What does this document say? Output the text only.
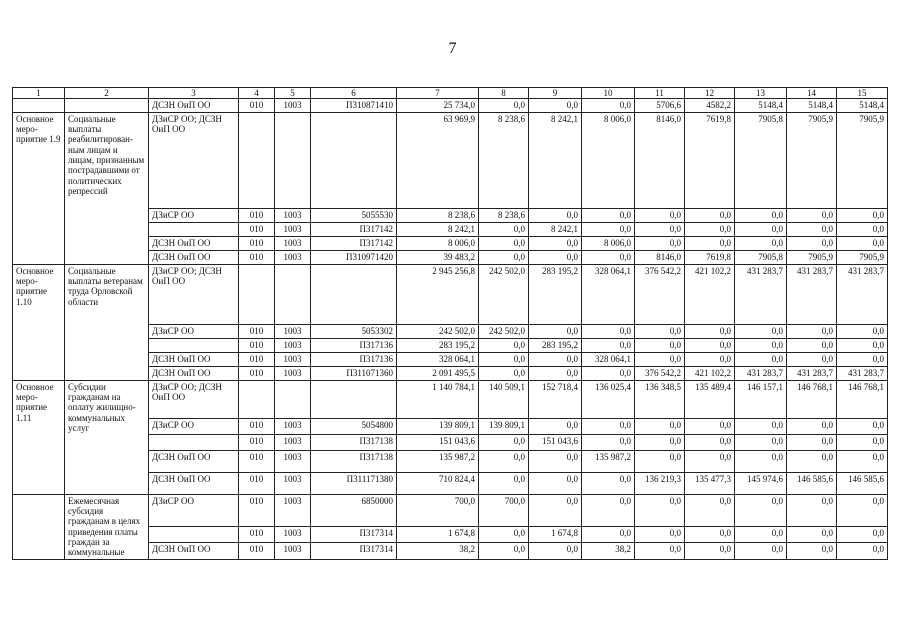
7
1	2	3	4	5	6	7	8	9	10	11	12	13	14	15
		ДСЗН ОиП ОО	010	1003	П310871410	25 734,0	0,0	0,0	0,0	5706,6	4582,2	5148,4	5148,4	5148,4
Основное меро-приятие 1.9	Социальные выплаты реабилитирован-ным лицам и лицам, признанным пострадавшими от политических репрессий	ДЗиСР ОО; ДСЗН ОиП ОО				63 969,9	8 238,6	8 242,1	8 006,0	8146,0	7619,8	7905,8	7905,9	7905,9
		ДЗиСР ОО	010	1003	5055530	8 238,6	8 238,6	0,0	0,0	0,0	0,0	0,0	0,0	0,0
			010	1003	П317142	8 242,1	0,0	8 242,1	0,0	0,0	0,0	0,0	0,0	0,0
		ДСЗН ОиП ОО	010	1003	П317142	8 006,0	0,0	0,0	8 006,0	0,0	0,0	0,0	0,0	0,0
		ДСЗН ОиП ОО	010	1003	П310971420	39 483,2	0,0	0,0	0,0	8146,0	7619,8	7905,8	7905,9	7905,9
Основное меро-приятие 1.10	Социальные выплаты ветеранам труда Орловской области	ДЗиСР ОО; ДСЗН ОиП ОО				2 945 256,8	242 502,0	283 195,2	328 064,1	376 542,2	421 102,2	431 283,7	431 283,7	431 283,7
		ДЗиСР ОО	010	1003	5053302	242 502,0	242 502,0	0,0	0,0	0,0	0,0	0,0	0,0	0,0
			010	1003	П317136	283 195,2	0,0	283 195,2	0,0	0,0	0,0	0,0	0,0	0,0
		ДСЗН ОиП ОО	010	1003	П317136	328 064,1	0,0	0,0	328 064,1	0,0	0,0	0,0	0,0	0,0
		ДСЗН ОиП ОО	010	1003	П311071360	2 091 495,5	0,0	0,0	0,0	376 542,2	421 102,2	431 283,7	431 283,7	431 283,7
Основное меро-приятие 1.11	Субсидии гражданам на оплату жилищно-коммунальных услуг	ДЗиСР ОО; ДСЗН ОиП ОО				1 140 784,1	140 509,1	152 718,4	136 025,4	136 348,5	135 489,4	146 157,1	146 768,1	146 768,1
		ДЗиСР ОО	010	1003	5054800	139 809,1	139 809,1	0,0	0,0	0,0	0,0	0,0	0,0	0,0
			010	1003	П317138	151 043,6	0,0	151 043,6	0,0	0,0	0,0	0,0	0,0	0,0
		ДСЗН ОиП ОО	010	1003	П317138	135 987,2	0,0	0,0	135 987,2	0,0	0,0	0,0	0,0	0,0
		ДСЗН ОиП ОО	010	1003	П311171380	710 824,4	0,0	0,0	0,0	136 219,3	135 477,3	145 974,6	146 585,6	146 585,6
	Ежемесячная субсидия гражданам в целях приведения платы граждан за коммунальные	ДЗиСР ОО	010	1003	6850000	700,0	700,0	0,0	0,0	0,0	0,0	0,0	0,0	0,0
			010	1003	П317314	1 674,8	0,0	1 674,8	0,0	0,0	0,0	0,0	0,0	0,0
		ДСЗН ОиП ОО	010	1003	П317314	38,2	0,0	0,0	38,2	0,0	0,0	0,0	0,0	0,0
